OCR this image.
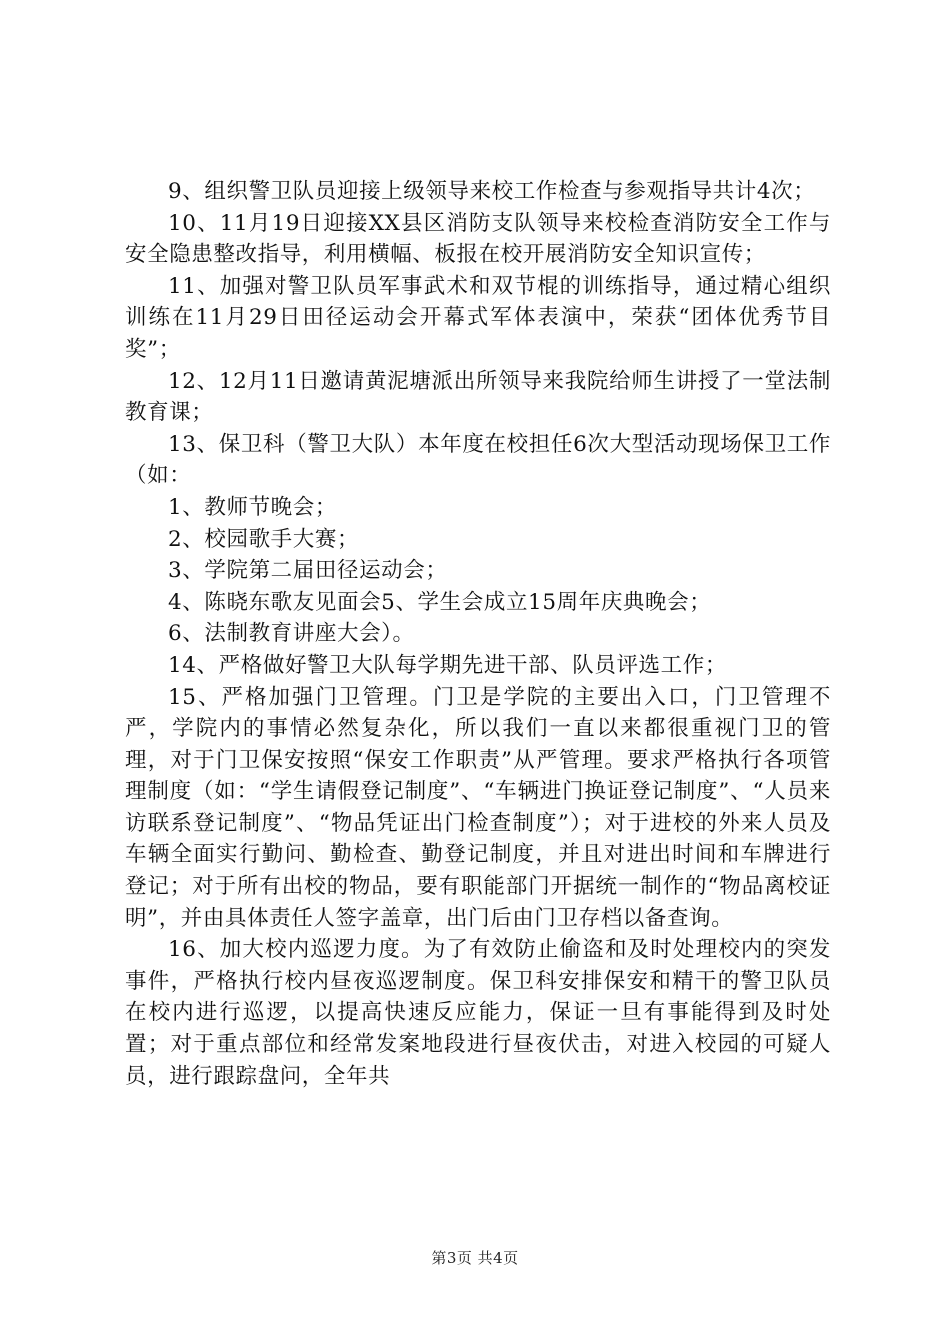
9、组织警卫队员迎接上级领导来校工作检查与参观指导共计4次；

10、11月19日迎接XX县区消防支队领导来校检查消防安全工作与安全隐患整改指导，利用横幅、板报在校开展消防安全知识宣传；

11、加强对警卫队员军事武术和双节棍的训练指导，通过精心组织训练在11月29日田径运动会开幕式军体表演中，荣获“团体优秀节目奖”；

12、12月11日邀请黄泥塘派出所领导来我院给师生讲授了一堂法制教育课；

13、保卫科（警卫大队）本年度在校担任6次大型活动现场保卫工作（如：

1、教师节晚会；

2、校园歌手大赛；

3、学院第二届田径运动会；

4、陈晓东歌友见面会5、学生会成立15周年庆典晚会；

6、法制教育讲座大会）。

14、严格做好警卫大队每学期先进干部、队员评选工作；

15、严格加强门卫管理。门卫是学院的主要出入口，门卫管理不严，学院内的事情必然复杂化，所以我们一直以来都很重视门卫的管理，对于门卫保安按照“保安工作职责”从严管理。要求严格执行各项管理制度（如：“学生请假登记制度”、“车辆进门换证登记制度”、“人员来访联系登记制度”、“物品凭证出门检查制度”）；对于进校的外来人员及车辆全面实行勤问、勤检查、勤登记制度，并且对进出时间和车牌进行登记；对于所有出校的物品，要有职能部门开据统一制作的“物品离校证明”，并由具体责任人签字盖章，出门后由门卫存档以备查询。

16、加大校内巡逻力度。为了有效防止偷盗和及时处理校内的突发事件，严格执行校内昼夜巡逻制度。保卫科安排保安和精干的警卫队员在校内进行巡逻，以提高快速反应能力，保证一旦有事能得到及时处置；对于重点部位和经常发案地段进行昼夜伏击，对进入校园的可疑人员，进行跟踪盘问，全年共

第3页 共4页
